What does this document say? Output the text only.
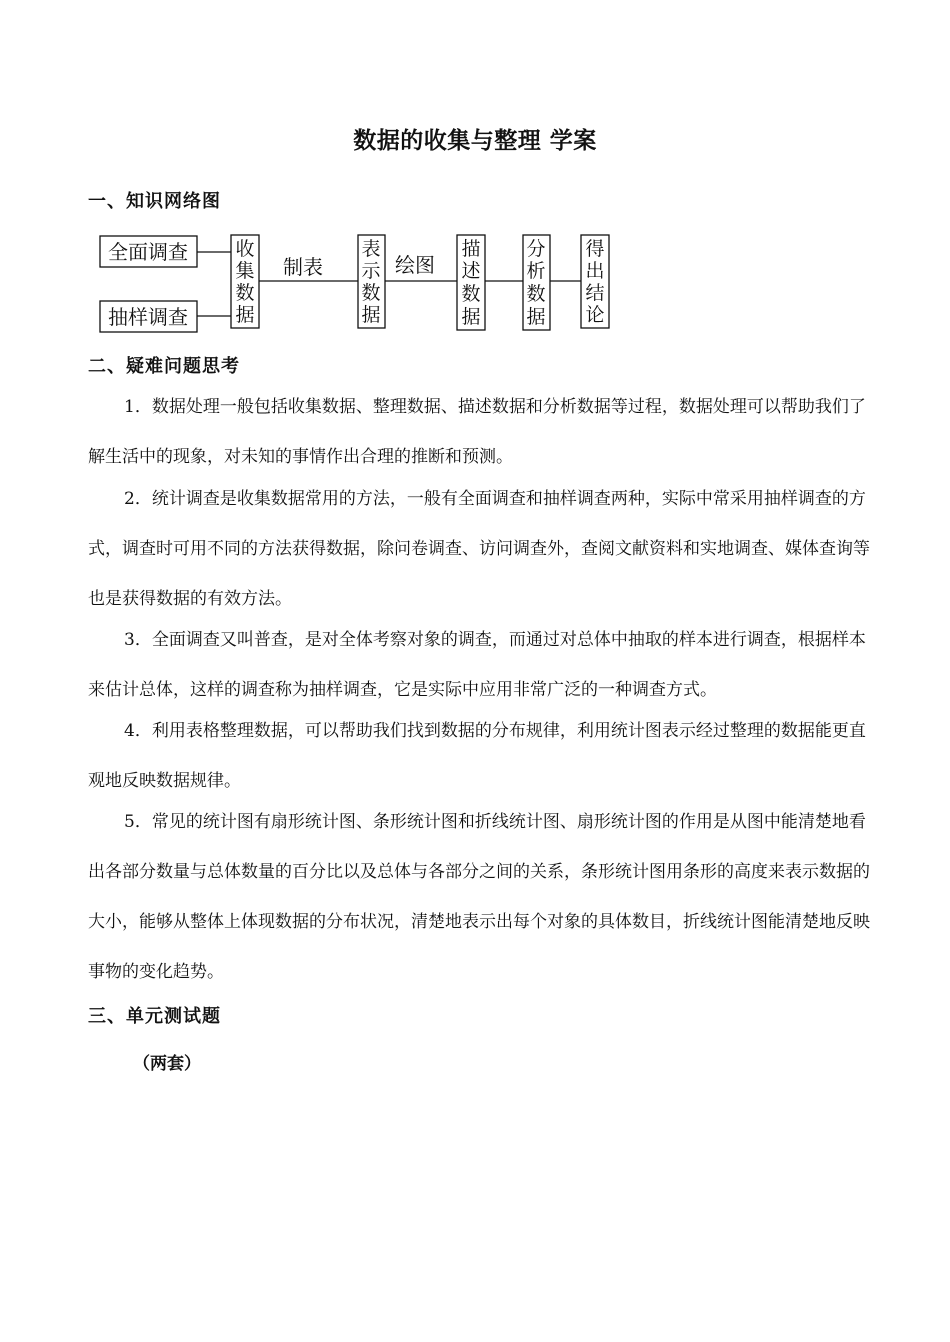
数据的收集与整理 学案
一、知识网络图
全面调查
抽样调查
收
集
数
据
制表
表
示
数
据
绘图
描
述
数
据
分
析
数
据
得
出
结
论
二、疑难问题思考

1．数据处理一般包括收集数据、整理数据、描述数据和分析数据等过程，数据处理可以帮助我们了解生活中的现象，对未知的事情作出合理的推断和预测。

2．统计调查是收集数据常用的方法，一般有全面调查和抽样调查两种，实际中常采用抽样调查的方式，调查时可用不同的方法获得数据，除问卷调查、访问调查外，查阅文献资料和实地调查、媒体查询等也是获得数据的有效方法。

3．全面调查又叫普查，是对全体考察对象的调查，而通过对总体中抽取的样本进行调查，根据样本来估计总体，这样的调查称为抽样调查，它是实际中应用非常广泛的一种调查方式。

4．利用表格整理数据，可以帮助我们找到数据的分布规律，利用统计图表示经过整理的数据能更直观地反映数据规律。

5．常见的统计图有扇形统计图、条形统计图和折线统计图、扇形统计图的作用是从图中能清楚地看出各部分数量与总体数量的百分比以及总体与各部分之间的关系，条形统计图用条形的高度来表示数据的大小，能够从整体上体现数据的分布状况，清楚地表示出每个对象的具体数目，折线统计图能清楚地反映事物的变化趋势。

三、单元测试题
（两套）
